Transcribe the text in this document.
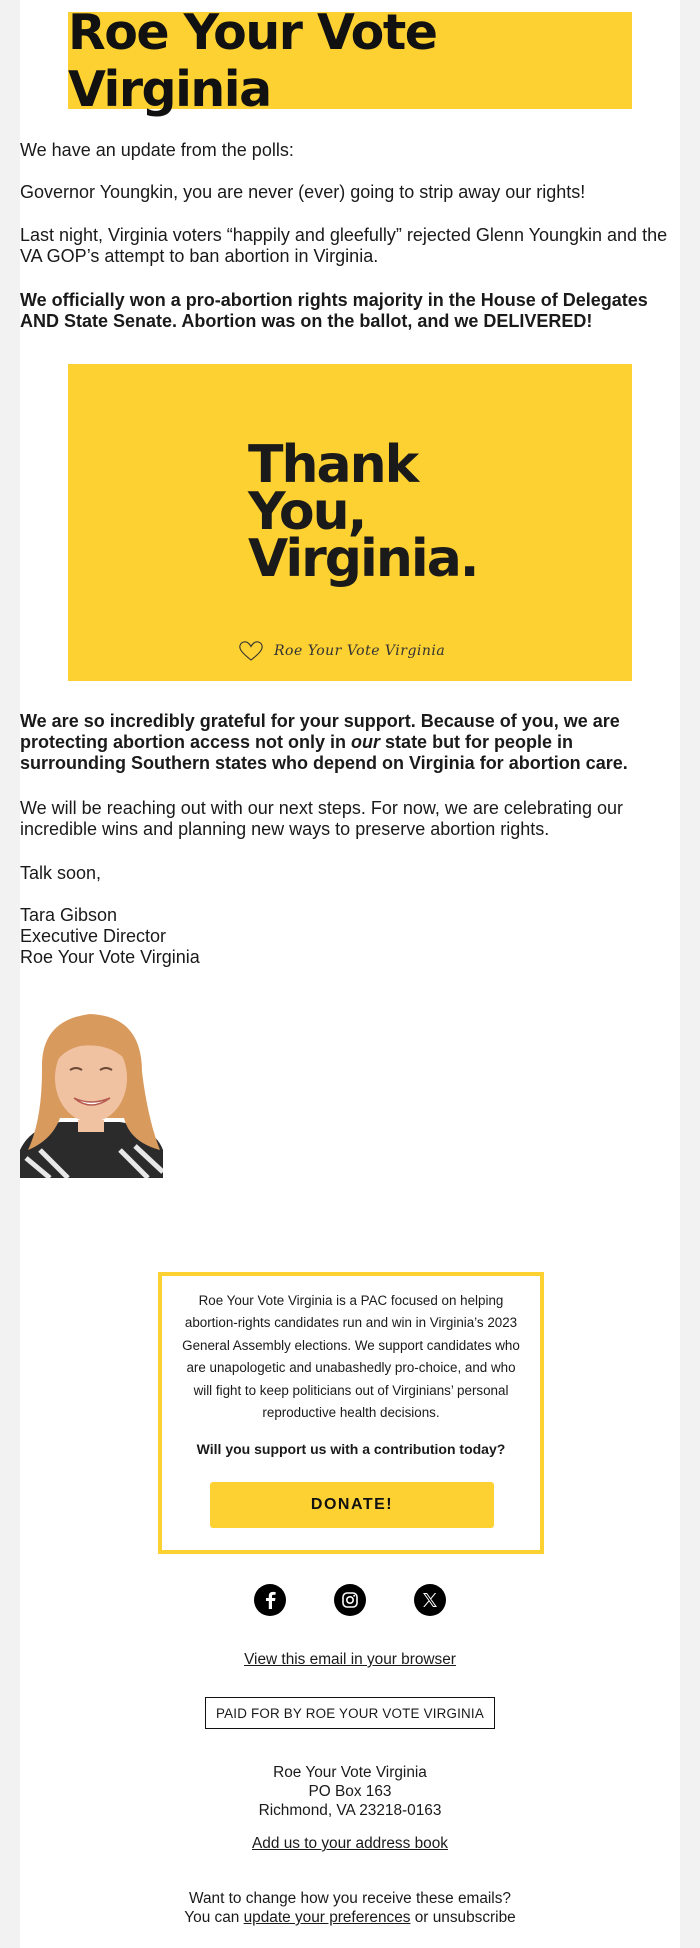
Roe Your Vote Virginia

We have an update from the polls:

Governor Youngkin, you are never (ever) going to strip away our rights!

Last night, Virginia voters “happily and gleefully” rejected Glenn Youngkin and the
VA GOP’s attempt to ban abortion in Virginia.

We officially won a pro-abortion rights majority in the House of Delegates
AND State Senate. Abortion was on the ballot, and we DELIVERED!

Thank
You,
Virginia.
Roe Your Vote Virginia

We are so incredibly grateful for your support. Because of you, we are
protecting abortion access not only in our state but for people in
surrounding Southern states who depend on Virginia for abortion care.

We will be reaching out with our next steps. For now, we are celebrating our
incredible wins and planning new ways to preserve abortion rights.

Talk soon,

Tara Gibson
Executive Director
Roe Your Vote Virginia

Roe Your Vote Virginia is a PAC focused on helping abortion-rights candidates run and win in Virginia’s 2023 General Assembly elections. We support candidates who are unapologetic and unabashedly pro-choice, and who will fight to keep politicians out of Virginians’ personal reproductive health decisions.
Will you support us with a contribution today?
DONATE!
View this email in your browser
PAID FOR BY ROE YOUR VOTE VIRGINIA
Roe Your Vote Virginia
PO Box 163
Richmond, VA 23218-0163
Add us to your address book
Want to change how you receive these emails?
You can update your preferences or unsubscribe
